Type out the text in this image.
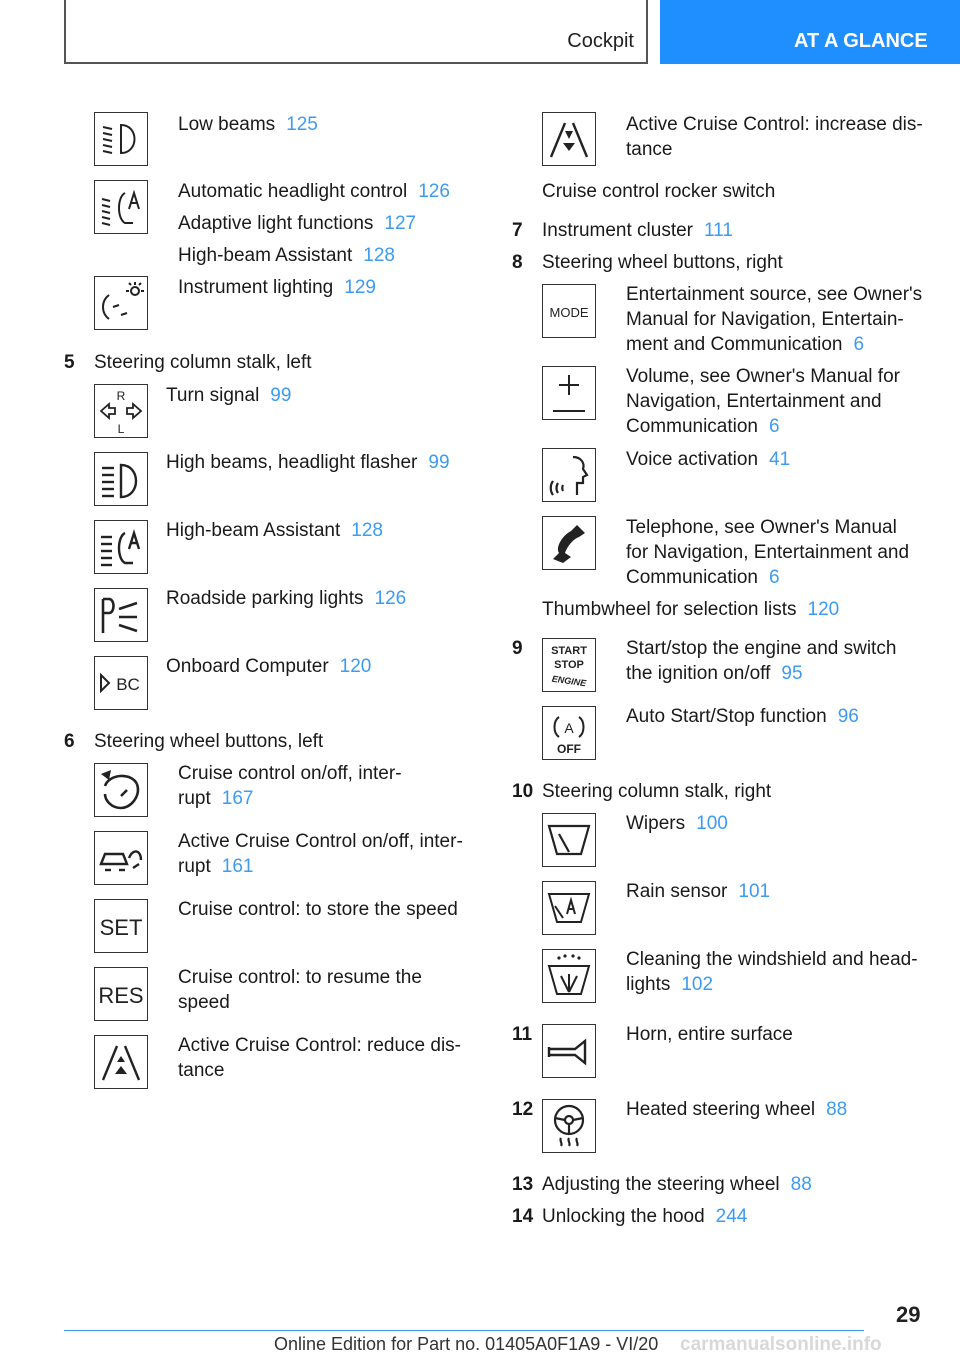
Cockpit	AT A GLANCE
Low beams 125
Automatic headlight control 126
Adaptive light functions 127
High-beam Assistant 128
Instrument lighting 129
5 Steering column stalk, left
R
L
Turn signal 99
High beams, headlight flasher 99
High-beam Assistant 128
Roadside parking lights 126
BC
Onboard Computer 120
6 Steering wheel buttons, left
Cruise control on/off, inter-
rupt 167
Active Cruise Control on/off, inter-
rupt 161
SET
Cruise control: to store the speed
RES
Cruise control: to resume the
speed
Active Cruise Control: reduce dis-
tance
Active Cruise Control: increase dis-
tance
Cruise control rocker switch
7 Instrument cluster 111
8 Steering wheel buttons, right
MODE
Entertainment source, see Owner's
Manual for Navigation, Entertain-
ment and Communication 6
Volume, see Owner's Manual for
Navigation, Entertainment and
Communication 6
Voice activation 41
Telephone, see Owner's Manual
for Navigation, Entertainment and
Communication 6
Thumbwheel for selection lists 120
9	START
STOP
ENGINE
Start/stop the engine and switch
the ignition on/off 95
A
OFF
Auto Start/Stop function 96
10 Steering column stalk, right
Wipers 100
Rain sensor 101
Cleaning the windshield and head-
lights 102
11	Horn, entire surface
12	Heated steering wheel 88
13 Adjusting the steering wheel 88
14 Unlocking the hood 244
29
Online Edition for Part no. 01405A0F1A9 - VI/20 carmanualsonline.info
